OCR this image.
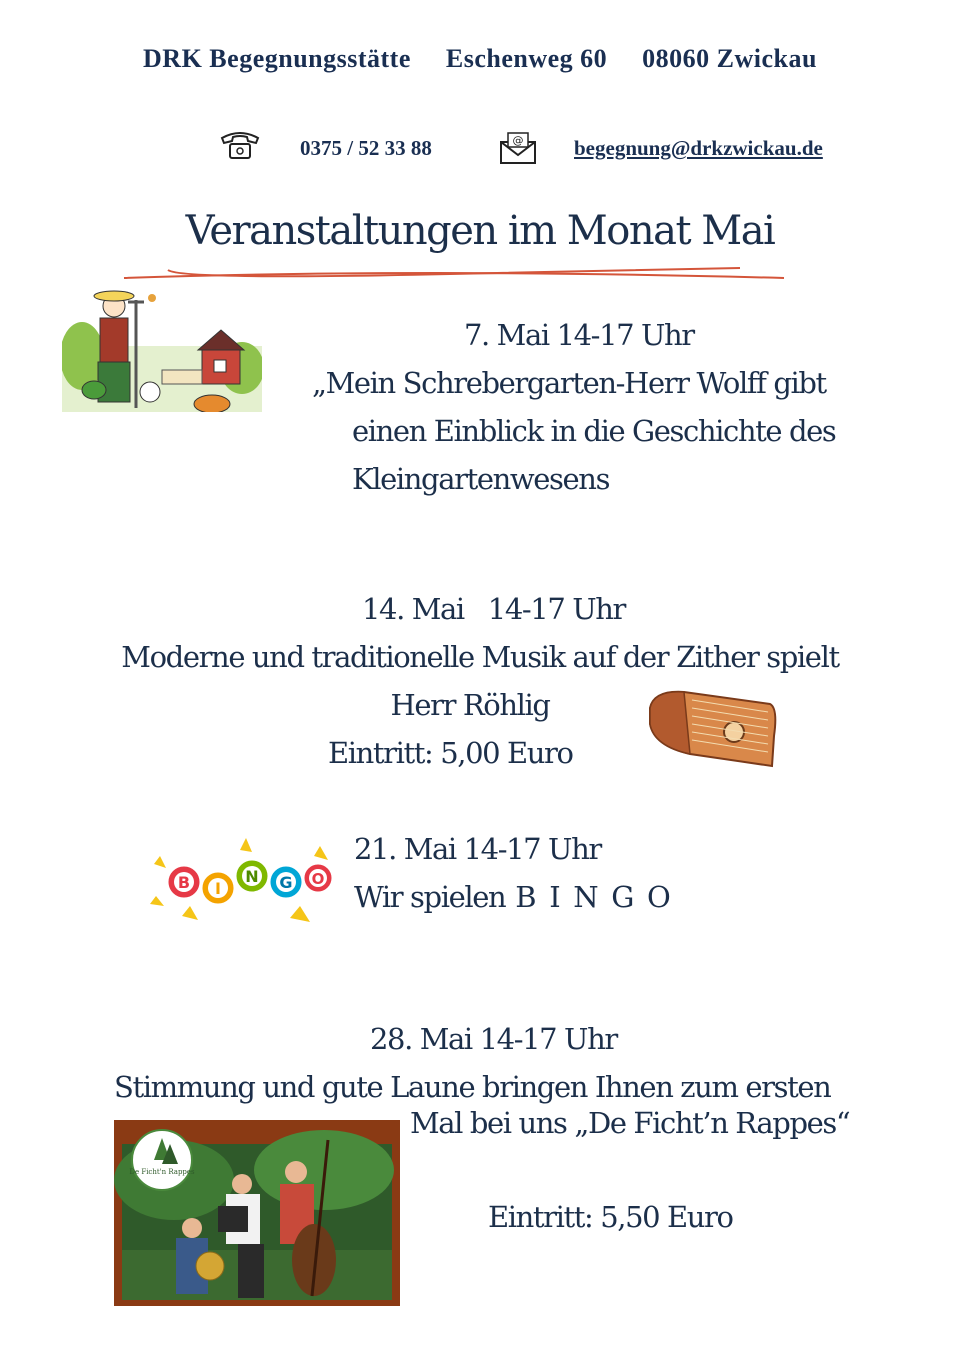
DRK Begegnungsstätte Eschenweg 60 08060 Zwickau
0375 / 52 33 88	@ begegnung@drkzwickau.de
Veranstaltungen im Monat Mai
7. Mai 14-17 Uhr
„Mein Schrebergarten-Herr Wolff gibt
einen Einblick in die Geschichte des
Kleingartenwesens
14. Mai 14-17 Uhr
Moderne und traditionelle Musik auf der Zither spielt
Herr Röhlig
Eintritt: 5,00 Euro
B I
N G O
21. Mai 14-17 Uhr
Wir spielen B I N G O
28. Mai 14-17 Uhr
Stimmung und gute Laune bringen Ihnen zum ersten
Mal bei uns „De Ficht’n Rappes“
Eintritt: 5,50 Euro
De Ficht'n Rappes
